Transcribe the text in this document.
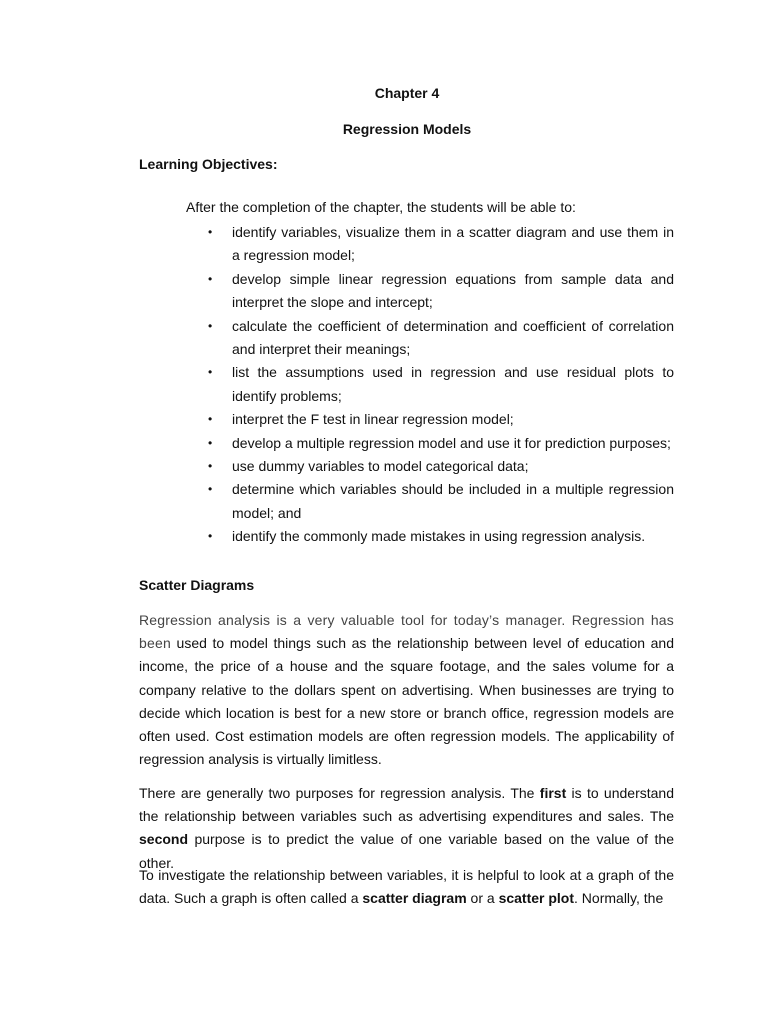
Chapter 4
Regression Models
Learning Objectives:

After the completion of the chapter, the students will be able to:

• identify variables, visualize them in a scatter diagram and use them in a regression model;
• develop simple linear regression equations from sample data and interpret the slope and intercept;
• calculate the coefficient of determination and coefficient of correlation and interpret their meanings;
• list the assumptions used in regression and use residual plots to identify problems;
• interpret the F test in linear regression model;
• develop a multiple regression model and use it for prediction purposes;
• use dummy variables to model categorical data;
• determine which variables should be included in a multiple regression model; and
• identify the commonly made mistakes in using regression analysis.
Scatter Diagrams

Regression analysis is a very valuable tool for today’s manager. Regression has been used to model things such as the relationship between level of education and income, the price of a house and the square footage, and the sales volume for a company relative to the dollars spent on advertising. When businesses are trying to decide which location is best for a new store or branch office, regression models are often used. Cost estimation models are often regression models. The applicability of regression analysis is virtually limitless.

There are generally two purposes for regression analysis. The first is to understand the relationship between variables such as advertising expenditures and sales. The second purpose is to predict the value of one variable based on the value of the other.

To investigate the relationship between variables, it is helpful to look at a graph of the data. Such a graph is often called a scatter diagram or a scatter plot. Normally, the
